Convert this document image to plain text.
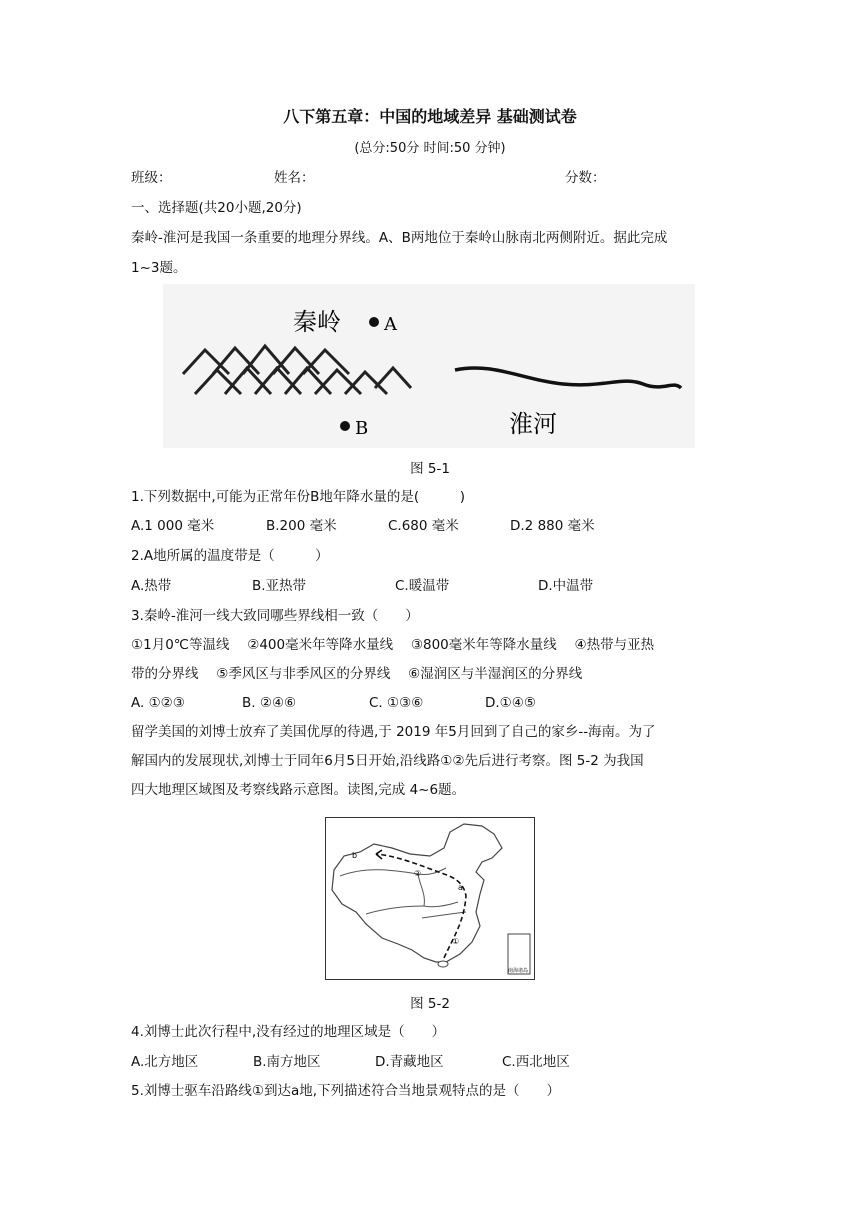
八下第五章：中国的地域差异 基础测试卷
(总分:50分 时间:50 分钟)
班级：	姓名：	分数：
一、选择题(共20小题,20分)
秦岭-淮河是我国一条重要的地理分界线。A、B两地位于秦岭山脉南北两侧附近。据此完成
1~3题。
秦岭 A
B	淮河
图 5-1
1.下列数据中,可能为正常年份B地年降水量的是(　　　)
A.1 000 毫米	B.200 毫米	C.680 毫米	D.2 880 毫米
2.A地所属的温度带是（　　　）
A.热带	B.亚热带	C.暖温带	D.中温带
3.秦岭-淮河一线大致同哪些界线相一致（　　）
①1月0℃等温线　 ②400毫米年等降水量线　 ③800毫米年等降水量线　 ④热带与亚热
带的分界线　 ⑤季风区与非季风区的分界线　 ⑥湿润区与半湿润区的分界线
A. ①②③	B. ②④⑥	C. ①③⑥	D.①④⑤
留学美国的刘博士放弃了美国优厚的待遇,于 2019 年5月回到了自己的家乡--海南。为了
解国内的发展现状,刘博士于同年6月5日开始,沿线路①②先后进行考察。图 5-2 为我国
四大地理区域图及考察线路示意图。读图,完成 4~6题。
b
a
②
①
南海诸岛
图 5-2
4.刘博士此次行程中,没有经过的地理区域是（　　）
A.北方地区	B.南方地区	D.青藏地区	C.西北地区
5.刘博士驱车沿路线①到达a地,下列描述符合当地景观特点的是（　　）
